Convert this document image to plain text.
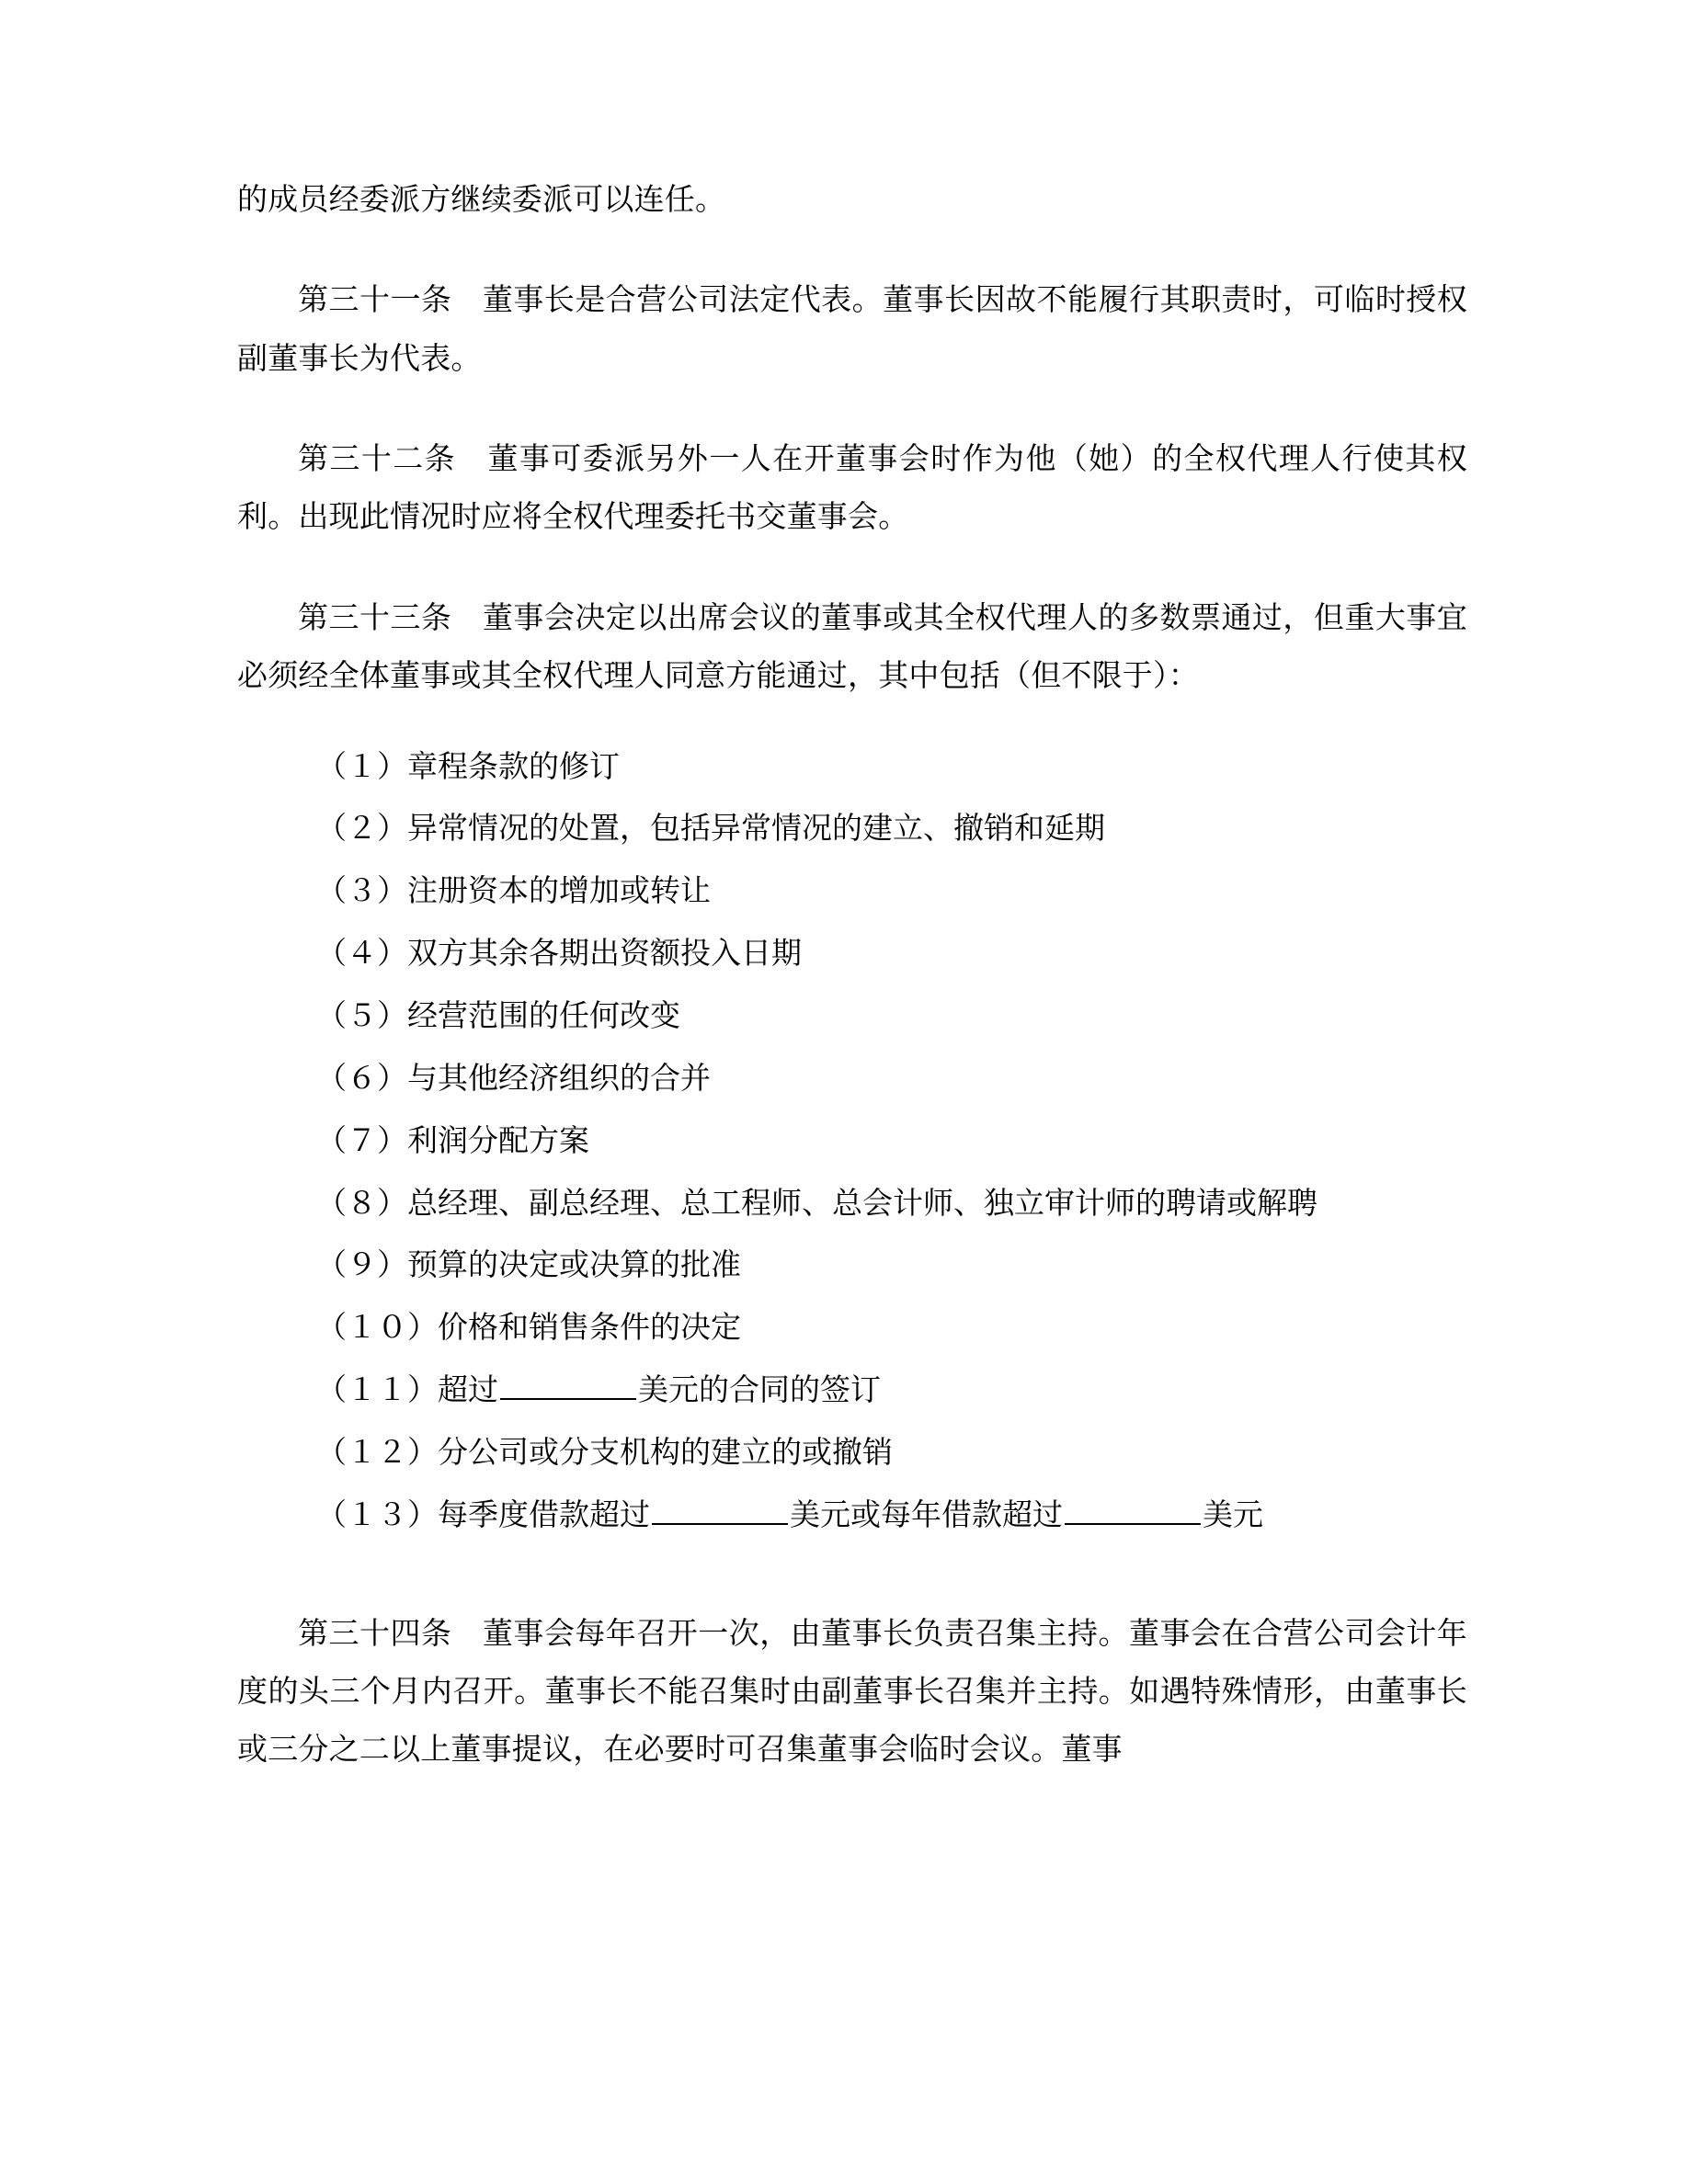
的成员经委派方继续委派可以连任。

第三十一条　董事长是合营公司法定代表。董事长因故不能履行其职责时，可临时授权副董事长为代表。

第三十二条　董事可委派另外一人在开董事会时作为他（她）的全权代理人行使其权利。出现此情况时应将全权代理委托书交董事会。

第三十三条　董事会决定以出席会议的董事或其全权代理人的多数票通过，但重大事宜必须经全体董事或其全权代理人同意方能通过，其中包括（但不限于）：

（１）章程条款的修订
（２）异常情况的处置，包括异常情况的建立、撤销和延期
（３）注册资本的增加或转让
（４）双方其余各期出资额投入日期
（５）经营范围的任何改变
（６）与其他经济组织的合并
（７）利润分配方案
（８）总经理、副总经理、总工程师、总会计师、独立审计师的聘请或解聘
（９）预算的决定或决算的批准
（１０）价格和销售条件的决定
（１１）超过	美元的合同的签订
（１２）分公司或分支机构的建立的或撤销
（１３）每季度借款超过	美元或每年借款超过	美元

第三十四条　董事会每年召开一次，由董事长负责召集主持。董事会在合营公司会计年度的头三个月内召开。董事长不能召集时由副董事长召集并主持。如遇特殊情形，由董事长或三分之二以上董事提议，在必要时可召集董事会临时会议。董事
